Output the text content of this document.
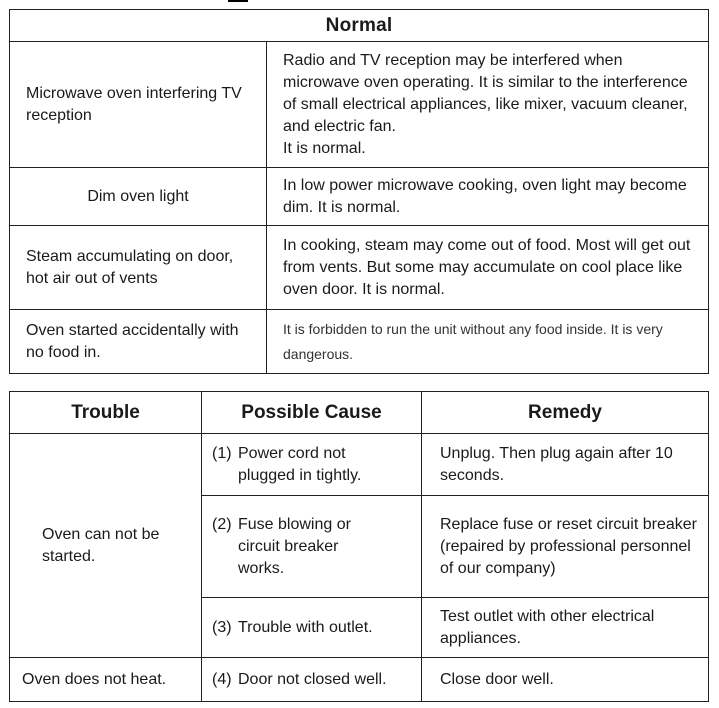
Normal	
Microwave oven interfering TV reception	Radio and TV reception may be interfered when microwave oven operating. It is similar to the interference of small electrical appliances, like mixer, vacuum cleaner, and electric fan.
It is normal.

Dim oven light	In low power microwave cooking, oven light may become dim. It is normal.
Steam accumulating on door, hot air out of vents	In cooking, steam may come out of food. Most will get out from vents. But some may accumulate on cool place like oven door. It is normal.
Oven started accidentally with no food in.	It is forbidden to run the unit without any food inside. It is very dangerous.
Trouble	Possible Cause	Remedy
Oven can not be started.	(1) Power cord not plugged in tightly.	Unplug. Then plug again after 10 seconds.
	(2) Fuse blowing or circuit breaker works.	Replace fuse or reset circuit breaker (repaired by professional personnel of our company)
	(3) Trouble with outlet.	Test outlet with other electrical appliances.
Oven does not heat.	(4) Door not closed well.	Close door well.
